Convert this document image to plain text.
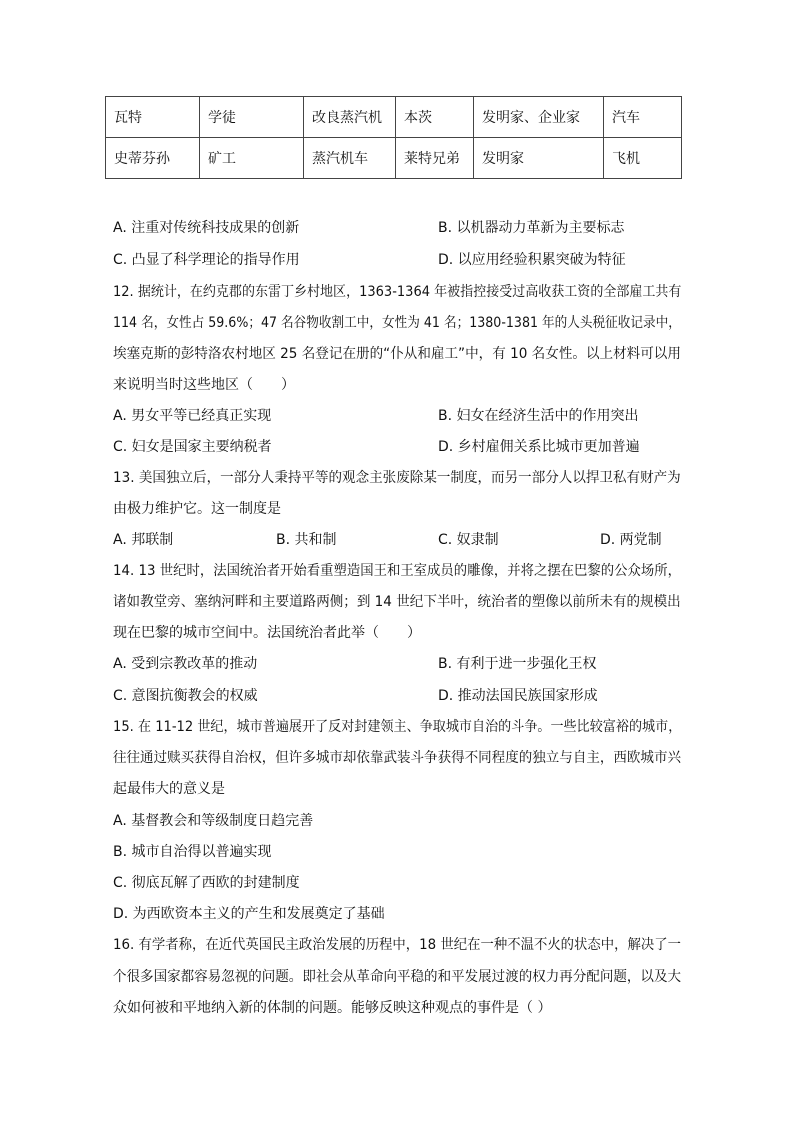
瓦特	学徒	改良蒸汽机	本茨	发明家、企业家	汽车
史蒂芬孙	矿工	蒸汽机车	莱特兄弟	发明家	飞机
A. 注重对传统科技成果的创新	B. 以机器动力革新为主要标志
C. 凸显了科学理论的指导作用	D. 以应用经验积累突破为特征
12. 据统计，在约克郡的东雷丁乡村地区，1363-1364 年被指控接受过高收获工资的全部雇工共有
114 名，女性占 59.6%；47 名谷物收割工中，女性为 41 名；1380-1381 年的人头税征收记录中，
埃塞克斯的彭特洛农村地区 25 名登记在册的“仆从和雇工”中，有 10 名女性。以上材料可以用
来说明当时这些地区（　　）
A. 男女平等已经真正实现	B. 妇女在经济生活中的作用突出
C. 妇女是国家主要纳税者	D. 乡村雇佣关系比城市更加普遍
13. 美国独立后，一部分人秉持平等的观念主张废除某一制度，而另一部分人以捍卫私有财产为
由极力维护它。这一制度是
A. 邦联制	B. 共和制	C. 奴隶制	D. 两党制
14. 13 世纪时，法国统治者开始看重塑造国王和王室成员的雕像，并将之摆在巴黎的公众场所，
诸如教堂旁、塞纳河畔和主要道路两侧；到 14 世纪下半叶，统治者的塑像以前所未有的规模出
现在巴黎的城市空间中。法国统治者此举（　　）
A. 受到宗教改革的推动	B. 有利于进一步强化王权
C. 意图抗衡教会的权威	D. 推动法国民族国家形成
15. 在 11-12 世纪，城市普遍展开了反对封建领主、争取城市自治的斗争。一些比较富裕的城市，
往往通过赎买获得自治权，但许多城市却依靠武装斗争获得不同程度的独立与自主，西欧城市兴
起最伟大的意义是
A. 基督教会和等级制度日趋完善
B. 城市自治得以普遍实现
C. 彻底瓦解了西欧的封建制度
D. 为西欧资本主义的产生和发展奠定了基础
16. 有学者称，在近代英国民主政治发展的历程中，18 世纪在一种不温不火的状态中，解决了一
个很多国家都容易忽视的问题。即社会从革命向平稳的和平发展过渡的权力再分配问题，以及大
众如何被和平地纳入新的体制的问题。能够反映这种观点的事件是（ ）
